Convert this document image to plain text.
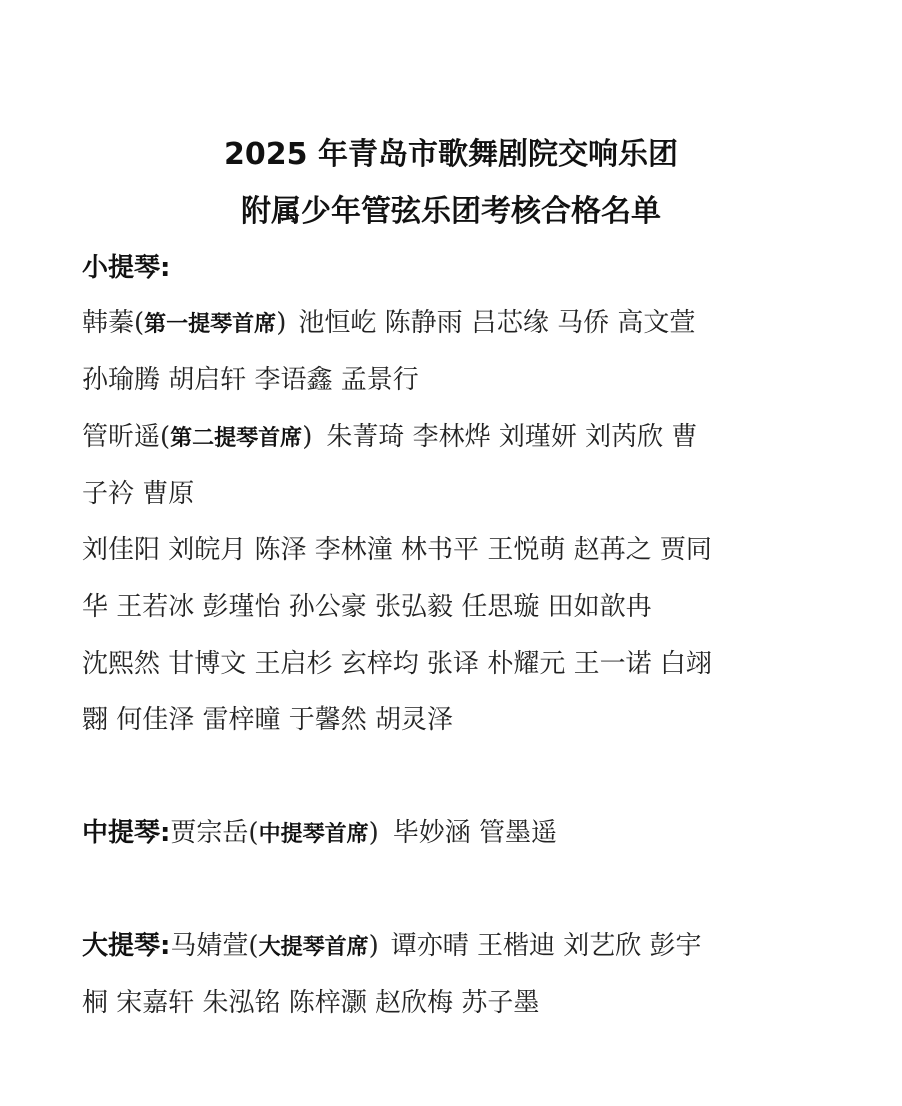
2025 年青岛市歌舞剧院交响乐团
附属少年管弦乐团考核合格名单
小提琴:
韩蓁(第一提琴首席) 池恒屹 陈静雨 吕芯缘 马侨 高文萱
孙瑜腾 胡启轩 李语鑫 孟景行
管昕遥(第二提琴首席) 朱菁琦 李林烨 刘瑾妍 刘芮欣 曹
子衿 曹原
刘佳阳 刘皖月 陈泽 李林潼 林书平 王悦萌 赵苒之 贾同
华 王若冰 彭瑾怡 孙公豪 张弘毅 任思璇 田如歆冉
沈熙然 甘博文 王启杉 玄梓均 张译 朴耀元 王一诺 白翊
翾 何佳泽 雷梓曈 于馨然 胡灵泽
中提琴:贾宗岳(中提琴首席) 毕妙涵 管墨遥
大提琴:马婧萱(大提琴首席) 谭亦晴 王楷迪 刘艺欣 彭宇
桐 宋嘉轩 朱泓铭 陈梓灏 赵欣梅 苏子墨
